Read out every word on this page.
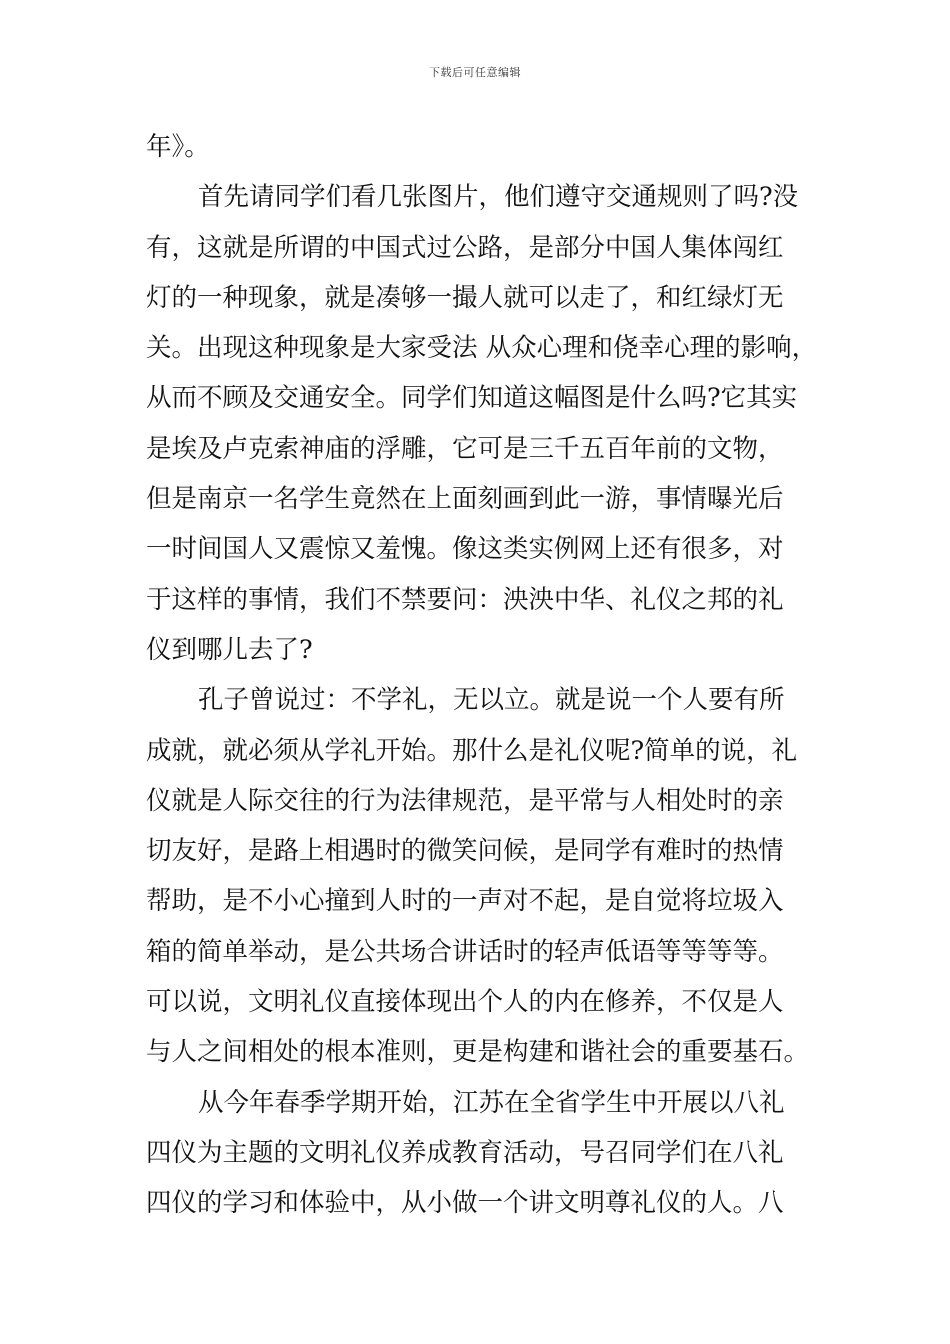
下载后可任意编辑
年》。
首先请同学们看几张图片，他们遵守交通规则了吗?没
有，这就是所谓的中国式过公路，是部分中国人集体闯红
灯的一种现象，就是凑够一撮人就可以走了，和红绿灯无
关。出现这种现象是大家受法 从众心理和侥幸心理的影响，
从而不顾及交通安全。同学们知道这幅图是什么吗?它其实
是埃及卢克索神庙的浮雕，它可是三千五百年前的文物，
但是南京一名学生竟然在上面刻画到此一游，事情曝光后
一时间国人又震惊又羞愧。像这类实例网上还有很多，对
于这样的事情，我们不禁要问：泱泱中华、礼仪之邦的礼
仪到哪儿去了?
孔子曾说过：不学礼，无以立。就是说一个人要有所
成就，就必须从学礼开始。那什么是礼仪呢?简单的说，礼
仪就是人际交往的行为法律规范，是平常与人相处时的亲
切友好，是路上相遇时的微笑问候，是同学有难时的热情
帮助，是不小心撞到人时的一声对不起，是自觉将垃圾入
箱的简单举动，是公共场合讲话时的轻声低语等等等等。
可以说，文明礼仪直接体现出个人的内在修养，不仅是人
与人之间相处的根本准则，更是构建和谐社会的重要基石。
从今年春季学期开始，江苏在全省学生中开展以八礼
四仪为主题的文明礼仪养成教育活动，号召同学们在八礼
四仪的学习和体验中，从小做一个讲文明尊礼仪的人。八
